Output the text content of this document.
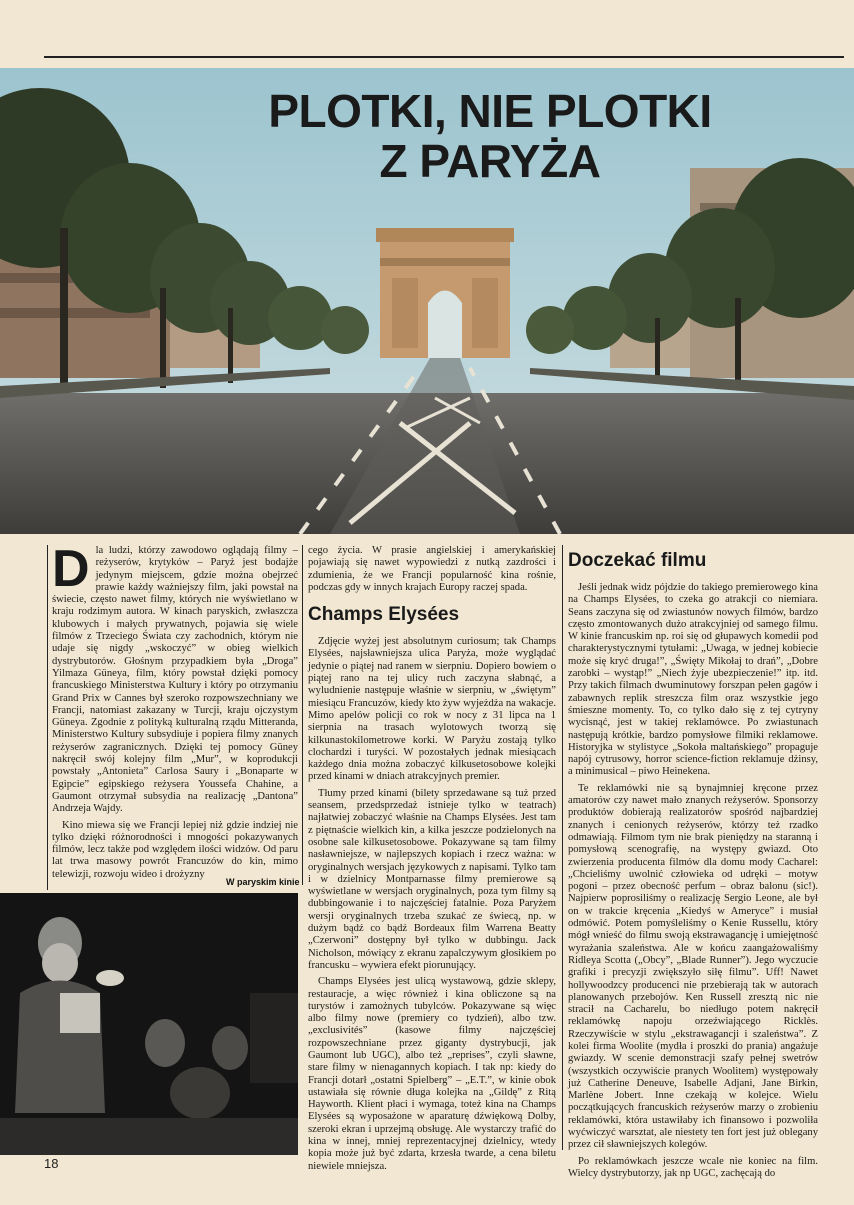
PLOTKI, NIE PLOTKI
Z PARYŻA

Dla ludzi, którzy zawodowo oglądają filmy – reżyserów, krytyków – Paryż jest bodajże jedynym miejscem, gdzie można obejrzeć prawie każdy ważniejszy film, jaki powstał na świecie, często nawet filmy, których nie wyświetlano w kraju rodzimym autora. W kinach paryskich, zwłaszcza klubowych i małych prywatnych, pojawia się wiele filmów z Trzeciego Świata czy zachodnich, którym nie udaje się nigdy „wskoczyć” w obieg wielkich dystrybutorów. Głośnym przypadkiem była „Droga” Yilmaza Güneya, film, który powstał dzięki pomocy francuskiego Ministerstwa Kultury i który po otrzymaniu Grand Prix w Cannes był szeroko rozpowszechniany we Francji, natomiast zakazany w Turcji, kraju ojczystym Güneya. Zgodnie z polityką kulturalną rządu Mitteranda, Ministerstwo Kultury subsydiuje i popiera filmy znanych reżyserów zagranicznych. Dzięki tej pomocy Güney nakręcił swój kolejny film „Mur”, w koprodukcji powstały „Antonieta” Carlosa Saury i „Bonaparte w Egipcie” egipskiego reżysera Youssefa Chahine, a Gaumont otrzymał subsydia na realizację „Dantona” Andrzeja Wajdy.

Kino miewa się we Francji lepiej niż gdzie indziej nie tylko dzięki różnorodności i mnogości pokazywanych filmów, lecz także pod względem ilości widzów. Od paru lat trwa masowy powrót Francuzów do kin, mimo telewizji, rozwoju wideo i drożyzny

W paryskim kinie

cego życia. W prasie angielskiej i amerykańskiej pojawiają się nawet wypowiedzi z nutką zazdrości i zdumienia, że we Francji popularność kina rośnie, podczas gdy w innych krajach Europy raczej spada.

Champs Elysées

Zdjęcie wyżej jest absolutnym curiosum; tak Champs Elysées, najsławniejsza ulica Paryża, może wyglądać jedynie o piątej nad ranem w sierpniu. Dopiero bowiem o piątej rano na tej ulicy ruch zaczyna słabnąć, a wyludnienie następuje właśnie w sierpniu, w „świętym” miesiącu Francuzów, kiedy kto żyw wyjeżdża na wakacje. Mimo apelów policji co rok w nocy z 31 lipca na 1 sierpnia na trasach wylotowych tworzą się kilkunastokilometrowe korki. W Paryżu zostają tylko clochardzi i turyści. W pozostałych jednak miesiącach każdego dnia można zobaczyć kilkusetosobowe kolejki przed kinami w dniach atrakcyjnych premier.

Tłumy przed kinami (bilety sprzedawane są tuż przed seansem, przedsprzedaż istnieje tylko w teatrach) najłatwiej zobaczyć właśnie na Champs Elysées. Jest tam z piętnaście wielkich kin, a kilka jeszcze podzielonych na osobne sale kilkusetosobowe. Pokazywane są tam filmy nasławniejsze, w najlepszych kopiach i rzecz ważna: w oryginalnych wersjach językowych z napisami. Tylko tam i w dzielnicy Montparnasse filmy premierowe są wyświetlane w wersjach oryginalnych, poza tym filmy są dubbingowanie i to najczęściej fatalnie. Poza Paryżem wersji oryginalnych trzeba szukać ze świecą, np. w dużym bądź co bądź Bordeaux film Warrena Beatty „Czerwoni” dostępny był tylko w dubbingu. Jack Nicholson, mówiący z ekranu zapalczywym głosikiem po francusku – wywiera efekt piorunujący.

Champs Elysées jest ulicą wystawową, gdzie sklepy, restauracje, a więc również i kina obliczone są na turystów i zamożnych tubylców. Pokazywane są więc albo filmy nowe (premiery co tydzień), albo tzw. „exclusivités” (kasowe filmy najczęściej rozpowszechniane przez giganty dystrybucji, jak Gaumont lub UGC), albo też „reprises”, czyli sławne, stare filmy w nienagannych kopiach. I tak np: kiedy do Francji dotarł „ostatni Spielberg” – „E.T.”, w kinie obok ustawiała się równie długa kolejka na „Gildę” z Ritą Hayworth. Klient płaci i wymaga, toteż kina na Champs Elysées są wyposażone w aparaturę dźwiękową Dolby, szeroki ekran i uprzejmą obsługę. Ale wystarczy trafić do kina w innej, mniej reprezentacyjnej dzielnicy, wtedy kopia może już być zdarta, krzesła twarde, a cena biletu niewiele mniejsza.

Doczekać filmu

Jeśli jednak widz pójdzie do takiego premierowego kina na Champs Elysées, to czeka go atrakcji co niemiara. Seans zaczyna się od zwiastunów nowych filmów, bardzo często zmontowanych dużo atrakcyjniej od samego filmu. W kinie francuskim np. roi się od głupawych komedii pod charakterystycznymi tytułami: „Uwaga, w jednej kobiecie może się kryć druga!”, „Święty Mikołaj to drań”, „Dobre zarobki – wystąp!” „Niech żyje ubezpieczenie!” itp. itd. Przy takich filmach dwuminutowy forszpan pełen gagów i zabawnych replik streszcza film oraz wszystkie jego śmieszne momenty. To, co tylko dało się z tej cytryny wycisnąć, jest w takiej reklamówce. Po zwiastunach następują krótkie, bardzo pomysłowe filmiki reklamowe. Historyjka w stylistyce „Sokoła maltańskiego” propaguje napój cytrusowy, horror science-fiction reklamuje dżinsy, a minimusical – piwo Heinekena.

Te reklamówki nie są bynajmniej kręcone przez amatorów czy nawet mało znanych reżyserów. Sponsorzy produktów dobierają realizatorów spośród najbardziej znanych i cenionych reżyserów, którzy też rzadko odmawiają. Filmom tym nie brak pieniędzy na staranną i pomysłową scenografię, na występy gwiazd. Oto zwierzenia producenta filmów dla domu mody Cacharel: „Chcieliśmy uwolnić człowieka od udręki – motyw pogoni – przez obecność perfum – obraz balonu (sic!). Najpierw poprosiliśmy o realizację Sergio Leone, ale był on w trakcie kręcenia „Kiedyś w Ameryce” i musiał odmówić. Potem pomyśleliśmy o Kenie Russellu, który mógł wnieść do filmu swoją ekstrawagancję i umiejętność wyrażania szaleństwa. Ale w końcu zaangażowaliśmy Ridleya Scotta („Obcy”, „Blade Runner”). Jego wyczucie grafiki i precyzji zwiększyło siłę filmu”. Uff! Nawet hollywoodzcy producenci nie przebierają tak w autorach planowanych przebojów. Ken Russell zresztą nic nie stracił na Cacharelu, bo niedługo potem nakręcił reklamówkę napoju orzeźwiającego Ricklès. Rzeczywiście w stylu „ekstrawagancji i szaleństwa”. Z kolei firma Woolite (mydła i proszki do prania) angażuje gwiazdy. W scenie demonstracji szafy pełnej swetrów (wszystkich oczywiście pranych Woolitem) występowały już Catherine Deneuve, Isabelle Adjani, Jane Birkin, Marlène Jobert. Inne czekają w kolejce. Wielu początkujących francuskich reżyserów marzy o zrobieniu reklamówki, która ustawiłaby ich finansowo i pozwoliła wyćwiczyć warsztat, ale niestety ten fort jest już oblegany przez cił sławniejszych kolegów.

Po reklamówkach jeszcze wcale nie koniec na film. Wielcy dystrybutorzy, jak np UGC, zachęcają do

18
